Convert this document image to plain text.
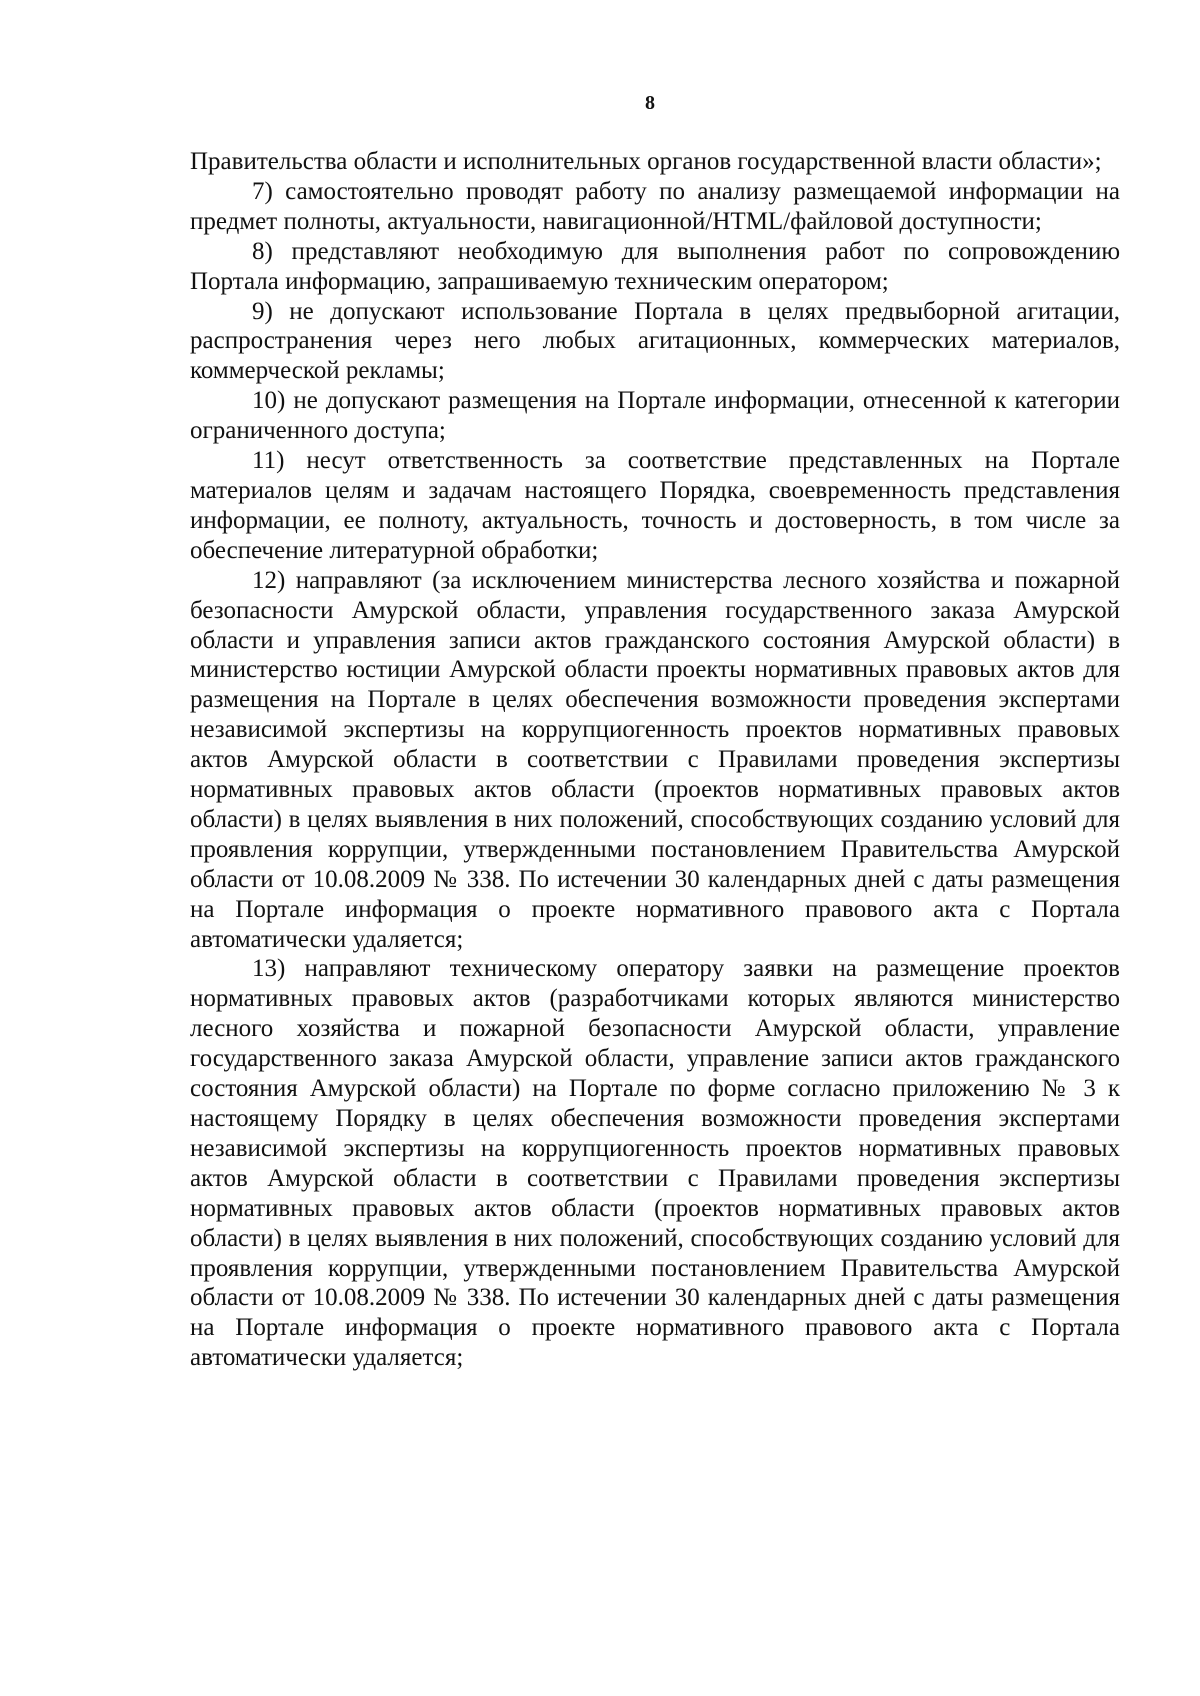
8

Правительства области и исполнительных органов государственной власти области»;

7) самостоятельно проводят работу по анализу размещаемой информации на предмет полноты, актуальности, навигационной/HTML/файловой доступности;

8) представляют необходимую для выполнения работ по сопровождению Портала информацию, запрашиваемую техническим оператором;

9) не допускают использование Портала в целях предвыборной агитации, распространения через него любых агитационных, коммерческих материалов, коммерческой рекламы;

10) не допускают размещения на Портале информации, отнесенной к категории ограниченного доступа;

11) несут ответственность за соответствие представленных на Портале материалов целям и задачам настоящего Порядка, своевременность представления информации, ее полноту, актуальность, точность и достоверность, в том числе за обеспечение литературной обработки;

12) направляют (за исключением министерства лесного хозяйства и пожарной безопасности Амурской области, управления государственного заказа Амурской области и управления записи актов гражданского состояния Амурской области) в министерство юстиции Амурской области проекты нормативных правовых актов для размещения на Портале в целях обеспечения возможности проведения экспертами независимой экспертизы на коррупциогенность проектов нормативных правовых актов Амурской области в соответствии с Правилами проведения экспертизы нормативных правовых актов области (проектов нормативных правовых актов области) в целях выявления в них положений, способствующих созданию условий для проявления коррупции, утвержденными постановлением Правительства Амурской области от 10.08.2009 № 338. По истечении 30 календарных дней с даты размещения на Портале информация о проекте нормативного правового акта с Портала автоматически удаляется;

13) направляют техническому оператору заявки на размещение проектов нормативных правовых актов (разработчиками которых являются министерство лесного хозяйства и пожарной безопасности Амурской области, управление государственного заказа Амурской области, управление записи актов гражданского состояния Амурской области) на Портале по форме согласно приложению № 3 к настоящему Порядку в целях обеспечения возможности проведения экспертами независимой экспертизы на коррупциогенность проектов нормативных правовых актов Амурской области в соответствии с Правилами проведения экспертизы нормативных правовых актов области (проектов нормативных правовых актов области) в целях выявления в них положений, способствующих созданию условий для проявления коррупции, утвержденными постановлением Правительства Амурской области от 10.08.2009 № 338. По истечении 30 календарных дней с даты размещения на Портале информация о проекте нормативного правового акта с Портала автоматически удаляется;
